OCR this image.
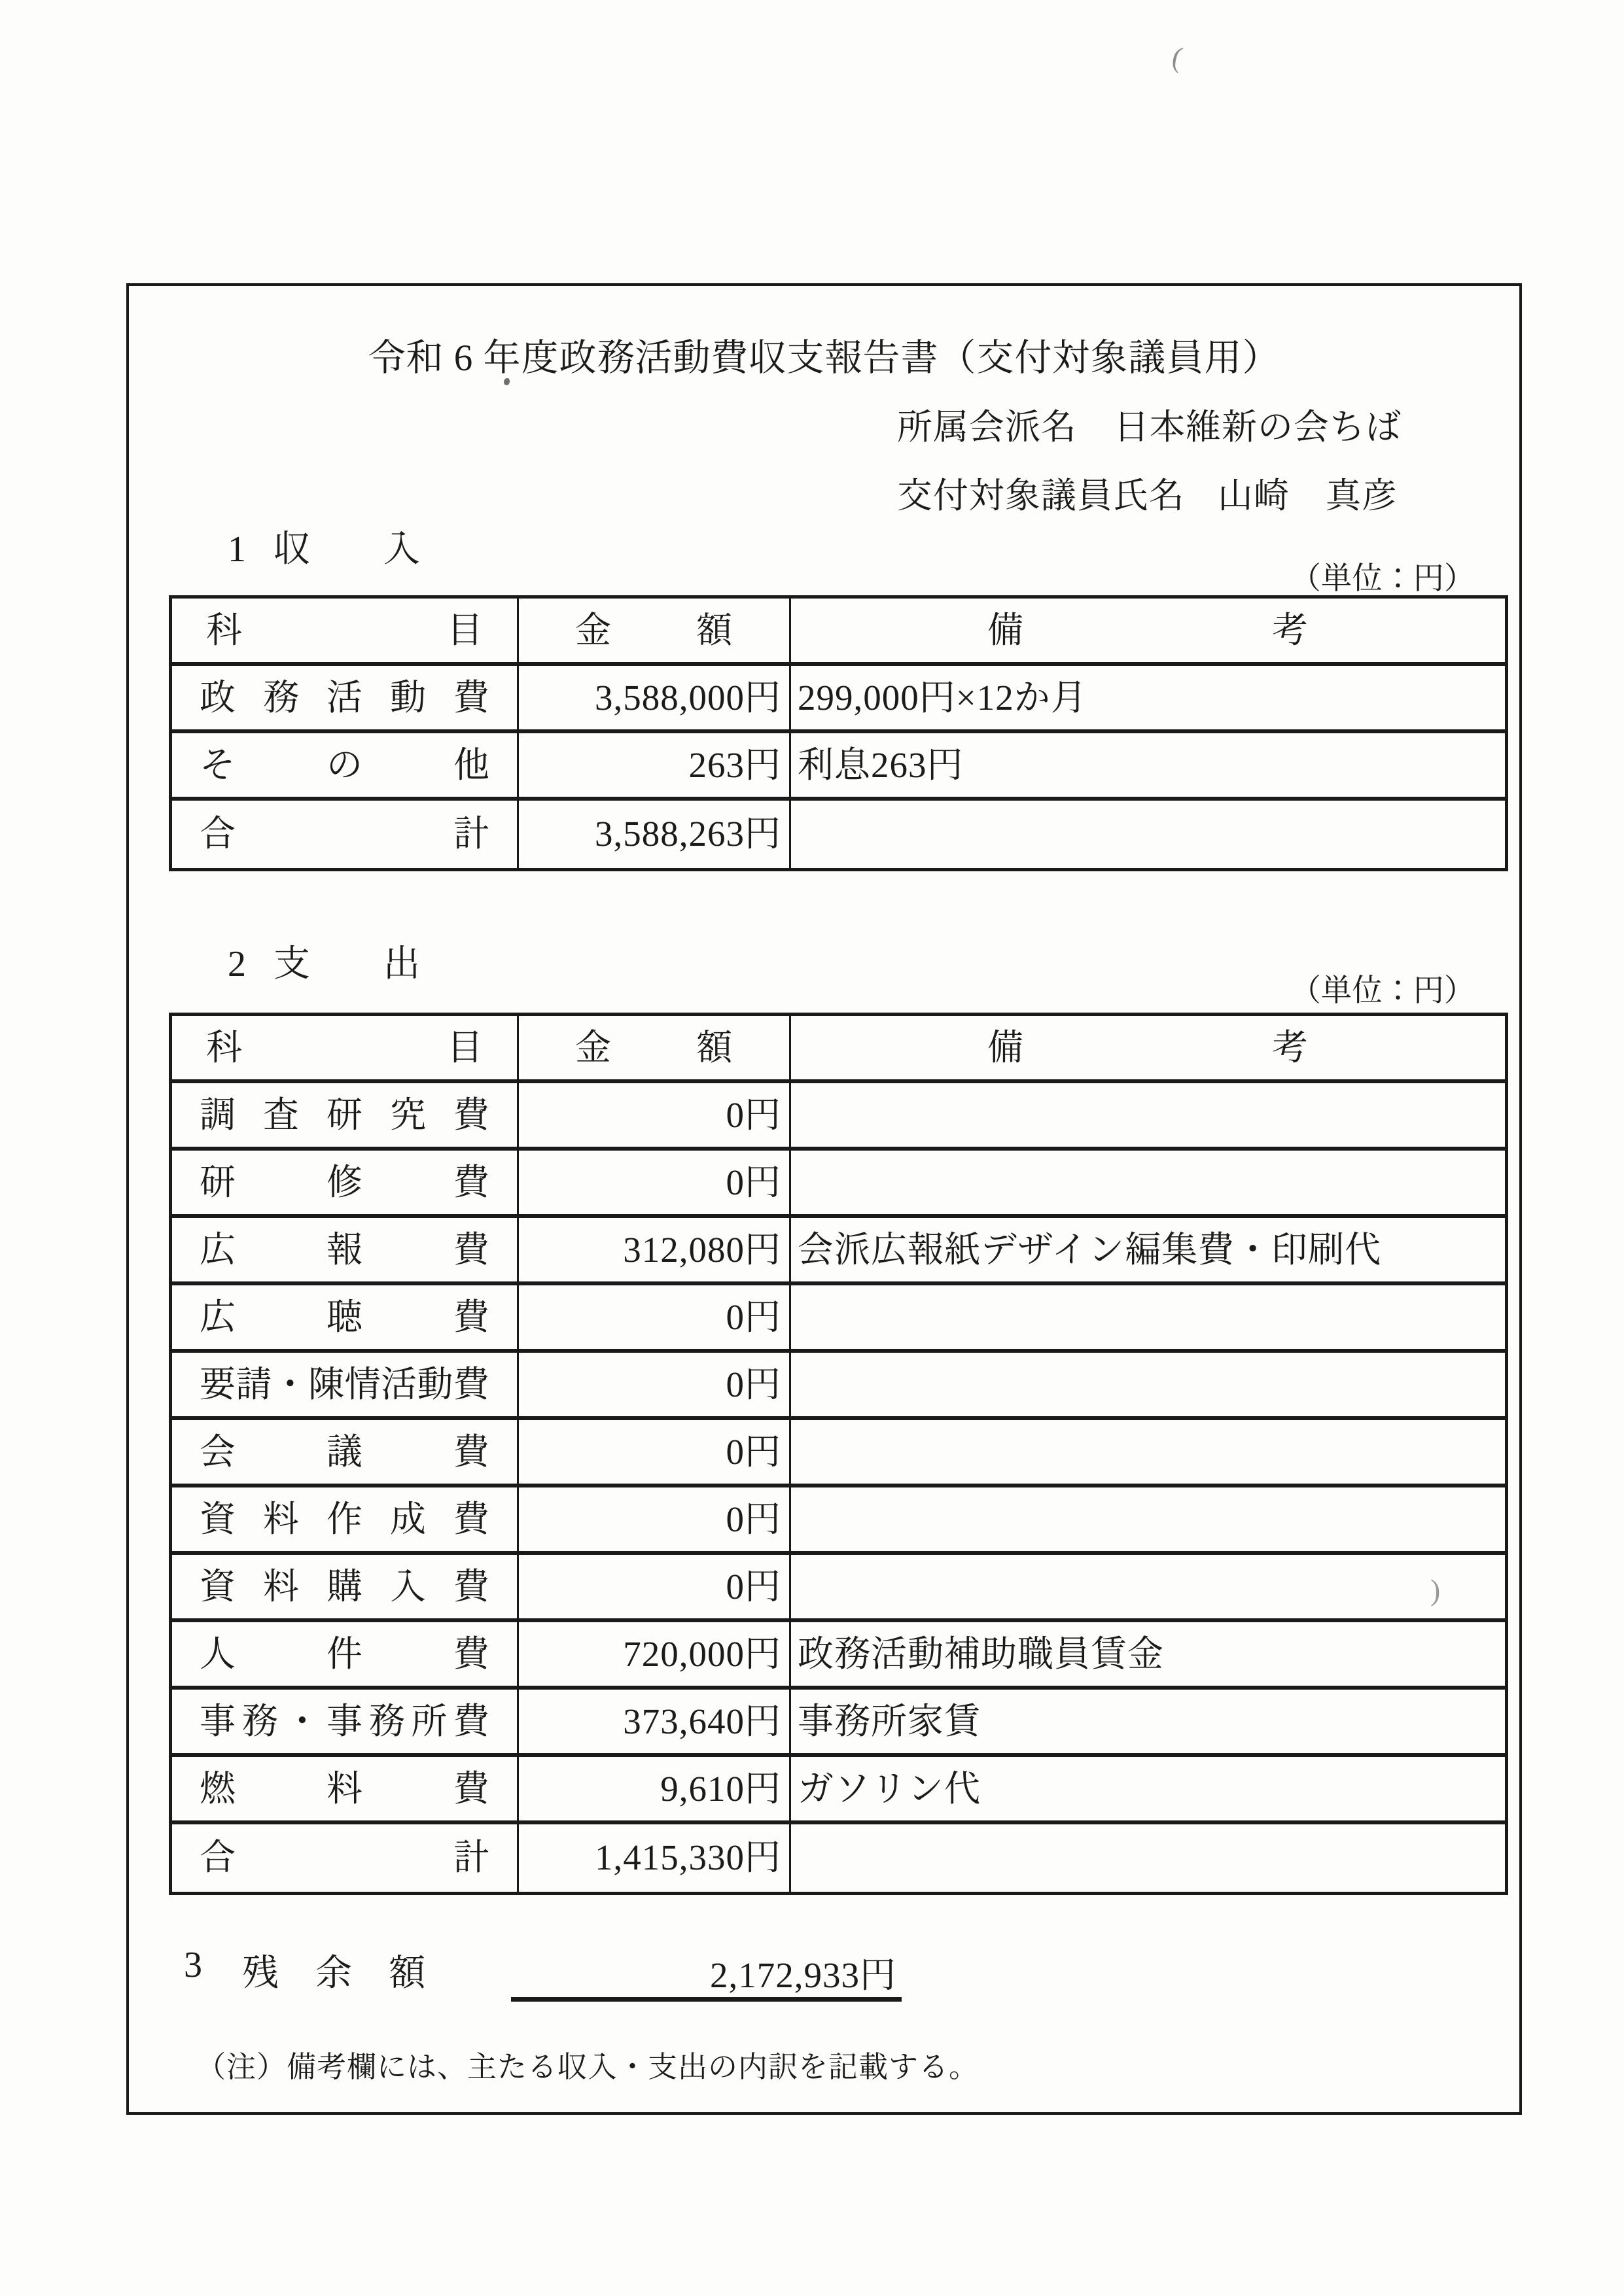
(
)
令和 6 年度政務活動費収支報告書（交付対象議員用）
所属会派名 日本維新の会ちば
交付対象議員氏名 山崎　真彦
1 収　入
（単位：円）
科　目	金　額	備　考
政務活動費	3,588,000円 299,000円×12か月
その他	263円 利息263円
合計	3,588,263円
2 支　出
（単位：円）
科　目	金　額	備　考
調査研究費	0円
研修費	0円
広報費	312,080円 会派広報紙デザイン編集費・印刷代
広聴費	0円
要請・陳情活動費	0円
会議費	0円
資料作成費	0円
資料購入費	0円
人件費	720,000円 政務活動補助職員賃金
事務・事務所費	373,640円 事務所家賃
燃料費	9,610円 ガソリン代
合計	1,415,330円
3 残余額	2,172,933円
（注）備考欄には、主たる収入・支出の内訳を記載する。
